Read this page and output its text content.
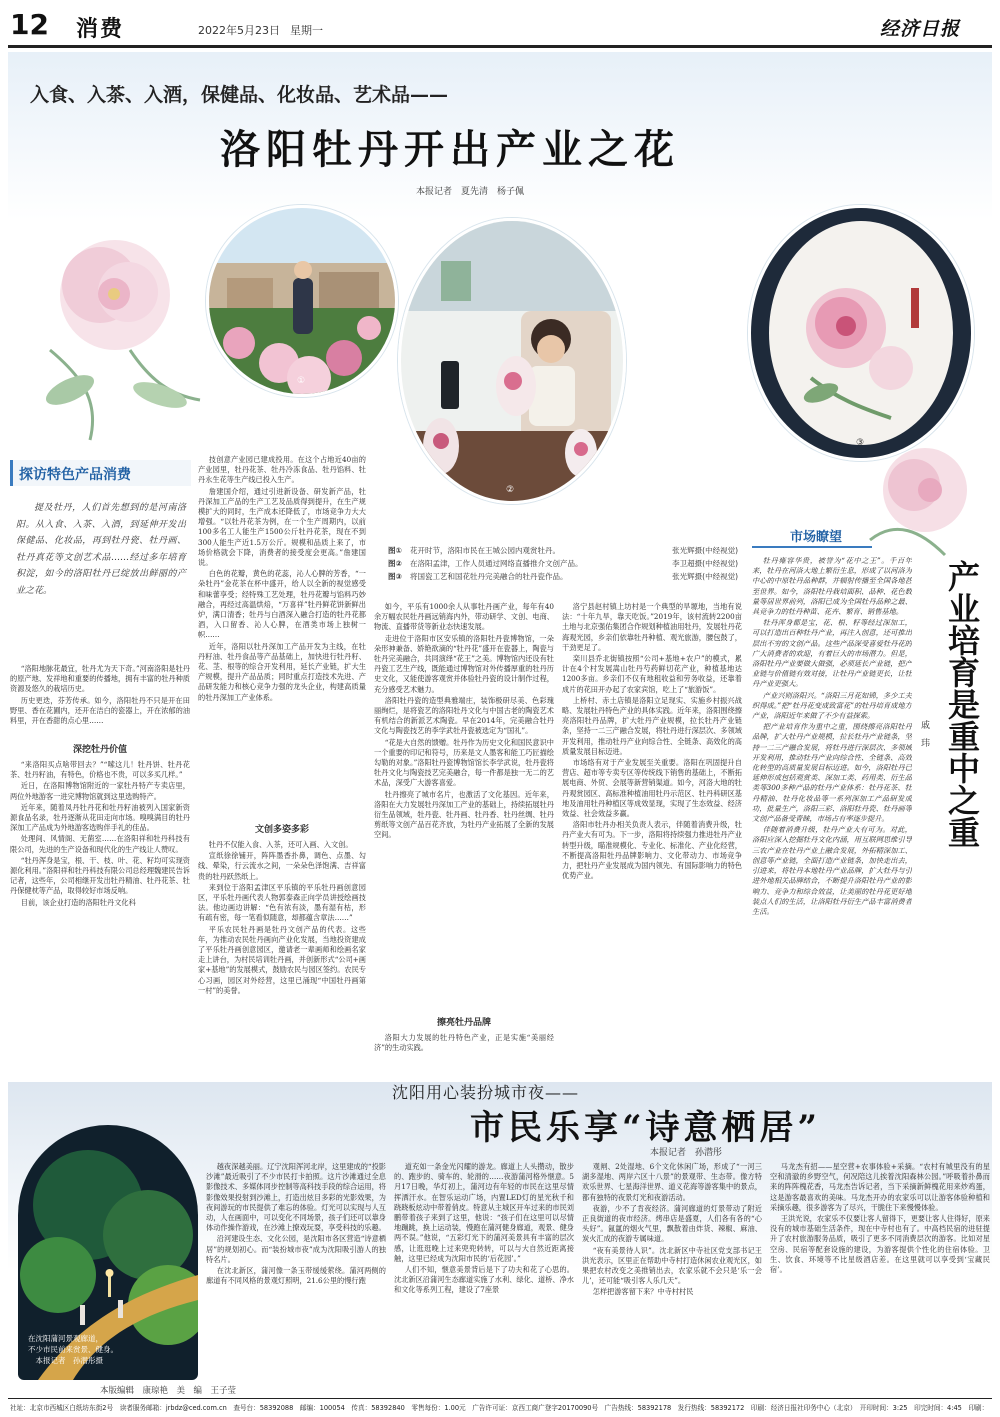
12 消费	2022年5月23日 星期一	经济日报
入食、入茶、入酒，保健品、化妆品、艺术品——
洛阳牡丹开出产业之花
本报记者　夏先清　杨子佩
①
②
③
探访特色产品消费
提及牡丹，人们首先想到的是河南洛阳。从入食、入茶、入酒，到延伸开发出保健品、化妆品，再到牡丹瓷、牡丹画、牡丹真花等文创艺术品……经过多年培育积淀，如今的洛阳牡丹已绽放出鲜丽的产业之花。

“洛阳地脉花最宜，牡丹尤为天下奇。”河南洛阳是牡丹的原产地、发祥地和重要的传播地，拥有丰富的牡丹种质资源及悠久的栽培历史。

历史更迭，芬芳传承。如今，洛阳牡丹不只是开在田野里、香在花圃内，还开在洁白的瓷器上，开在浓郁的油料里，开在香甜的点心里……

深挖牡丹价值

“来洛阳买点啥带回去？”“嗦这儿！牡丹饼、牡丹花茶、牡丹籽油，有特色，价格也不贵，可以多买几样。”

近日，在洛阳博物馆附近的一家牡丹特产专卖店里，两位外地游客一进完博物馆就到这里选购特产。

近年来，随着凤丹牡丹花和牡丹籽油被列入国家新资源食品名录，牡丹逐渐从花田走向市场。嗅嗅满目的牡丹深加工产品成为外地游客选购伴手礼的佳品。

处理间、风情阁、无菌室……在洛阳祥和牡丹科技有限公司，先进的生产设备和现代化的生产线让人赞叹。

“牡丹浑身是宝，根、干、枝、叶、花、籽均可实现资源化利用。”洛阳祥和牡丹科技有限公司总经理魏建民告诉记者，这些年，公司相继开发出牡丹精油、牡丹花茶、牡丹保健枕等产品，取得较好市场反响。

目前，该企业打造的洛阳牡丹文化科

技创意产业园已建成投用。在这个占地近40亩的产业园里，牡丹花茶、牡丹冷冻食品、牡丹馅料、牡丹永生花等生产线已投入生产。

詹建国介绍，通过引进新设备、研发新产品，牡丹深加工产品的生产工艺及品质得到提升，在生产规模扩大的同时，生产成本还降低了，市场竞争力大大增强。“以牡丹花茶为例，在一个生产周期内，以前100多名工人能生产1500公斤牡丹花茶，现在不到300人能生产近1.5万公斤。规模和品质上来了，市场价格就会下降，消费者的接受度会更高。”詹建国说。

白色的花瓣，黄色的花蕊，沁人心脾的芳香，“一朵牡丹”金花茶在杯中盛开，给人以全新的视觉感受和味蕾享受；经特殊工艺处理，牡丹花瓣与馅料巧妙融合，再经过高温烘焙，“万喜祥”牡丹鲜花饼新鲜出炉，满口清香；牡丹与白酒深入融合打造的牡丹花都酒，入口留香、沁人心脾，在酒类市场上独树一帜……

近年，洛阳以牡丹深加工产品开发为主线，在牡丹籽油、牡丹食品等产品基础上，加快进行牡丹籽、花、茎、根等的综合开发利用，延长产业链，扩大生产规模，提升产品品质；同时重点打造技术先进、产品研发能力和核心竞争力强的龙头企业，构建高质量的牡丹深加工产业体系。

文创多姿多彩

牡丹不仅能入食、入茶，还可入画、入文创。

宣纸徐徐铺开，阵阵墨香扑鼻，调色、点墨、勾线、晕染，行云流水之间，一朵朵色泽饱满、吉祥富贵的牡丹跃然纸上。

来到位于洛阳孟津区平乐镇的平乐牡丹画创意园区，平乐牡丹画代表人物郭泰森正向学员讲授绘画技法。他边画边讲解：“色有浓有淡，墨有湿有枯，形有疏有密，每一笔看似随意，却都蕴含章法……”

平乐农民牡丹画是牡丹文创产品的代表。这些年，为推动农民牡丹画向产业化发展，当地投资建成了平乐牡丹画创意园区，邀请老一辈画师和绘画名家走上讲台，为村民培训牡丹画，并创新形式“公司+画家+基地”的发展模式，鼓励农民与园区签约。农民专心习画，园区对外经营，这里已涌现“中国牡丹画第一村”的美誉。

图①	花开时节，洛阳市民在王城公园内观赏牡丹。	张光辉摄(中经视觉)
图②	在洛阳孟津，工作人员通过网络直播推介文创产品。	李卫超摄(中经视觉)
图③	将国瓷工艺和国花牡丹完美融合的牡丹瓷作品。	张光辉摄(中经视觉)

如今，平乐有1000余人从事牡丹画产业，每年有40余万幅农民牡丹画远销海内外，带动研学、文创、电商、物流、直播带货等新业态快速发展。

走进位于洛阳市区安乐镇的洛阳牡丹瓷博物馆，一朵朵形神兼备、娇艳欲滴的“牡丹花”盛开在瓷器上，陶瓷与牡丹完美融合，共同演绎“花王”之美。博物馆内还设有牡丹瓷工艺生产线，既能通过博物馆对外传播厚重的牡丹历史文化，又能使游客观赏并体验牡丹瓷的设计制作过程，充分感受艺术魅力。

洛阳牡丹瓷的造型典雅端庄，装饰极研尽美、色彩瑰丽绚烂，是将瓷艺的洛阳牡丹文化与中国古老的陶瓷艺术有机结合的新派艺术陶瓷。早在2014年，完美融合牡丹文化与陶瓷技艺的李学武牡丹瓷被选定为“国礼”。

“花是大自然的馈赠。牡丹作为历史文化和国民意识中一个重要的印记和符号，历来是文人墨客和能工巧匠描绘勾勒的对象。”洛阳牡丹瓷博物馆馆长李学武说，牡丹瓷将牡丹文化与陶瓷技艺完美融合，每一件都是独一无二的艺术品，深受广大游客喜爱。

牡丹擦亮了城市名片，也激活了文化基因。近年来，洛阳在大力发展牡丹深加工产业的基础上，持续拓展牡丹衍生品领域，牡丹瓷、牡丹画、牡丹香、牡丹丝绸、牡丹剪纸等文创产品百花齐放，为牡丹产业拓展了全新的发展空间。

擦亮牡丹品牌

洛阳大力发展的牡丹特色产业，正是实施“美丽经济”的生动实践。

洛宁县赵村镇上坊村是一个典型的旱塬地，当地有说法：“十年九旱，靠天吃饭。”2019年，该村流转2200亩土地与北京强佑集团合作规划种植油用牡丹，发展牡丹花海观光园，乡亲们依靠牡丹种植、观光旅游，腰包鼓了，干劲更足了。

栾川县乔北街镇按照“公司+基地+农户”的模式，累计在4个村发展嵩山牡丹芍药鲜切花产业，种植基地达1200多亩。乡亲们不仅有地租收益和劳务收益，还靠着成片的花田开办起了农家宾馆，吃上了“旅游饭”。

上桥村、赤土店镇是洛阳立足现实、实施乡村振兴战略、发展牡丹特色产业的具体实践。近年来，洛阳围绕擦亮洛阳牡丹品牌，扩大牡丹产业规模，拉长牡丹产业链条，坚持一二三产融合发展，将牡丹进行深层次、多领域开发利用，推动牡丹产业向综合性、全链条、高效化的高质量发展目标迈进。

市场络有对于产业发展至关重要。洛阳在巩固提升自营店、超市等专卖专区等传统线下销售的基础上，不断拓展电商、外贸、会展等新营销渠道。如今，河洛大地的牡丹观赏园区、高标准种植油用牡丹示范区、牡丹科研区基地及油用牡丹种植区等成效显现，实现了生态效益、经济效益、社会效益多赢。

洛阳市牡丹办相关负责人表示，伴随着消费升级，牡丹产业大有可为。下一步，洛阳将持续强力推进牡丹产业转型升级，瞄准规模化、专业化、标准化、产业化经营，不断提高洛阳牡丹品牌影响力、文化带动力、市场竞争力，把牡丹产业发展成为国内领先、有国际影响力的特色优势产业。

市场瞭望
产业培育是重中之重
戚　玮

牡丹雍容华贵，被誉为“花中之王”。千百年来，牡丹在河洛大地上繁衍生息，形成了以河洛为中心的中原牡丹品种群，并辐射传播至全国各地甚至世界。如今，洛阳牡丹栽培面积、品种、花色数量等居世界前列，洛阳已成为全国牡丹品种之最、具竞争力的牡丹种苗、花卉、繁育、销售基地。

牡丹浑身都是宝，花、根、籽等经过深加工，可以打造出百种牡丹产业，再注入创意，还可推出层出不穷的文创产品。这些产品深受喜爱牡丹花的广大消费者的欢迎，有着巨大的市场潜力。但是，洛阳牡丹产业要做大做强，必须延长产业链，把产业链与价值链有效对接，让牡丹产业链更长，让牡丹产业更强大。

产业兴则洛阳兴。“洛阳三月花如锦，多少工夫织得成。”把“牡丹花变成致富花”的牡丹培育成地方产业，洛阳近年来做了不少有益探索。

把产业培育作为重中之重，围绕擦亮洛阳牡丹品牌，扩大牡丹产业规模，拉长牡丹产业链条，坚持一二三产融合发展，将牡丹进行深层次、多领域开发利用，推动牡丹产业向综合性、全链条、高效化转型的高质量发展目标迈进。如今，洛阳牡丹已延伸形成包括观赏类、深加工类、药用类、衍生品类等300多种产品的牡丹产业体系：牡丹花茶、牡丹精油、牡丹化妆品等一系列深加工产品研发成功，批量生产，洛阳三彩、洛阳牡丹瓷、牡丹画等文创产品备受青睐，市场占有率逐步提升。

伴随着消费升级，牡丹产业大有可为。对此，洛阳应深入挖掘牡丹文化内涵，用互联网思维引导三农产业在牡丹产业上融合发展，外拓精深加工、创意等产业链，全面打造产业链条，加快走出去，引进来，将牡丹本地牡丹产业品牌，扩大牡丹与引进外地相关品牌结合，不断提升洛阳牡丹产业的影响力、竞争力和综合效益，让美丽的牡丹花更好地装点人们的生活，让洛阳牡丹衍生产品丰富消费者生活。

在沈阳蒲河景观廊道，
不少市民前来赏景、健身。
本报记者　孙潜彤摄
沈阳用心装扮城市夜——
市民乐享“诗意栖居”
本报记者　孙潜彤

越夜深越美丽。辽宁沈阳浑河北岸，这里建成的“投影沙滩”最近吸引了不少市民打卡拍照。这片沙滩通过全息影像技术、多媒体同步控制等高科技手段的综合运用，将影像效果投射到沙滩上，打造出炫目多彩的光影效果，为夜间游玩的市民提供了难忘的体验。灯光可以实现与人互动，人在画面中，可以变化不同场景，孩子们还可以靠身体动作操作游戏，在沙滩上撩戏玩耍，享受科技的乐趣。

沿河建设生态、文化公园，是沈阳市各区营造“诗意栖居”的规划初心。而“装扮城市夜”成为沈阳吸引游人的独特名片。

在沈北新区，蒲河像一条玉带缓缓萦绕。蒲河两侧的廊道有不同风格的景观灯照明，21.6公里的慢行跑

道充如一条金光闪耀的游龙。廊道上人头攒动，散步的、跑步的、骑车的、轮滑的……夜游蒲河格外惬意。5月17日晚，华灯初上，蒲河边有年轻的市民在这里尽情挥洒汗水。在智乐运动广场，内置LED灯的星光秋千和跷跷板炫动中带着俏皮。特意从主城区开车过来的市民刘鹏带着孩子来到了这里，他说：“孩子们在这里可以尽情地蹦跳，换上运动装，慢跑在蒲河健身廊道，观景、健身两不误。”他说，“五彩灯光下的蒲河美景具有丰富的层次感，让逛逛晚上过来兜兜转转，可以与大自然近距离接触，这里已经成为沈阳市民的‘后花园’。”

人们不知，惬意美景背后是下了功夫和花了心思的。沈北新区沿蒲河生态廊道实施了水利、绿化、道桥、净水和文化等系列工程，建设了7座景

观闸、2处湿地、6个文化休闲广场，形成了“一河三湖多湿地、两岸六区十八景”的景观带、生态带。像方特欢乐世界、七星海洋世界、道义花海等游客集中的景点，都有独特的夜景灯光和夜游活动。

夜游，少不了肯夜经济。蒲河廊道的灯景带动了附近正良街道的夜市经济。烤串店是盛夏，人们各有各的“心头好”。氤氲的烟火气里，飘散着由炸货、辣椒、麻油、炭火汇成的夜游专属味道。

“夜有美景待人识”。沈北新区中寺社区党支部书记王洪光表示，区里正在帮助中寺村打造休闲农业观光区，如果把农村改变之美推销出去，农家乐就不会只是‘乐一会儿’，还可能“吸引客人乐几天”。

怎样把游客留下来？中寺村村民

马龙杰有招——星空营+农事体验+采摘。“农村有城里没有的星空和清澈的乡野空气，何况陪这儿挨着沈阳森林公园。”呼吸着扑鼻而来的阵阵槐花香，马龙杰告诉记者，当下采摘新鲜槐花用来炒鸡蛋，这是游客最喜欢的美味。马龙杰开办的农家乐可以让游客体验种植和采摘乐趣，很多游客为了尽兴，干脆住下来慢慢体验。

王洪光说，农家乐不仅要让客人留得下，更要让客人住得好，原来没有的城市基础生活条件，现在中寺村也有了。中高档民宿的进驻提升了农村旅游服务品质，吸引了更多不同消费层次的游客。比如对星空房、民宿等配套设施的建设，为游客提供个性化的住宿体验。卫生、饮食、环境等不比星级酒店差。在这里就可以享受到‘宝藏民宿’。

本版编辑　康琼艳　美　编　王子莹
社址：北京市西城区白纸坊东街2号　读者服务邮箱：jrbdz@ced.com.cn　查号台：58392088　邮编：100054　传真：58392840　零售每份：1.00元　广告许可证：京西工商广登字20170090号　广告热线：58392178　发行热线：58392172　印刷：经济日报社印务中心（北京）　开印时间：3:25　印完时间：4:45　印刷：
